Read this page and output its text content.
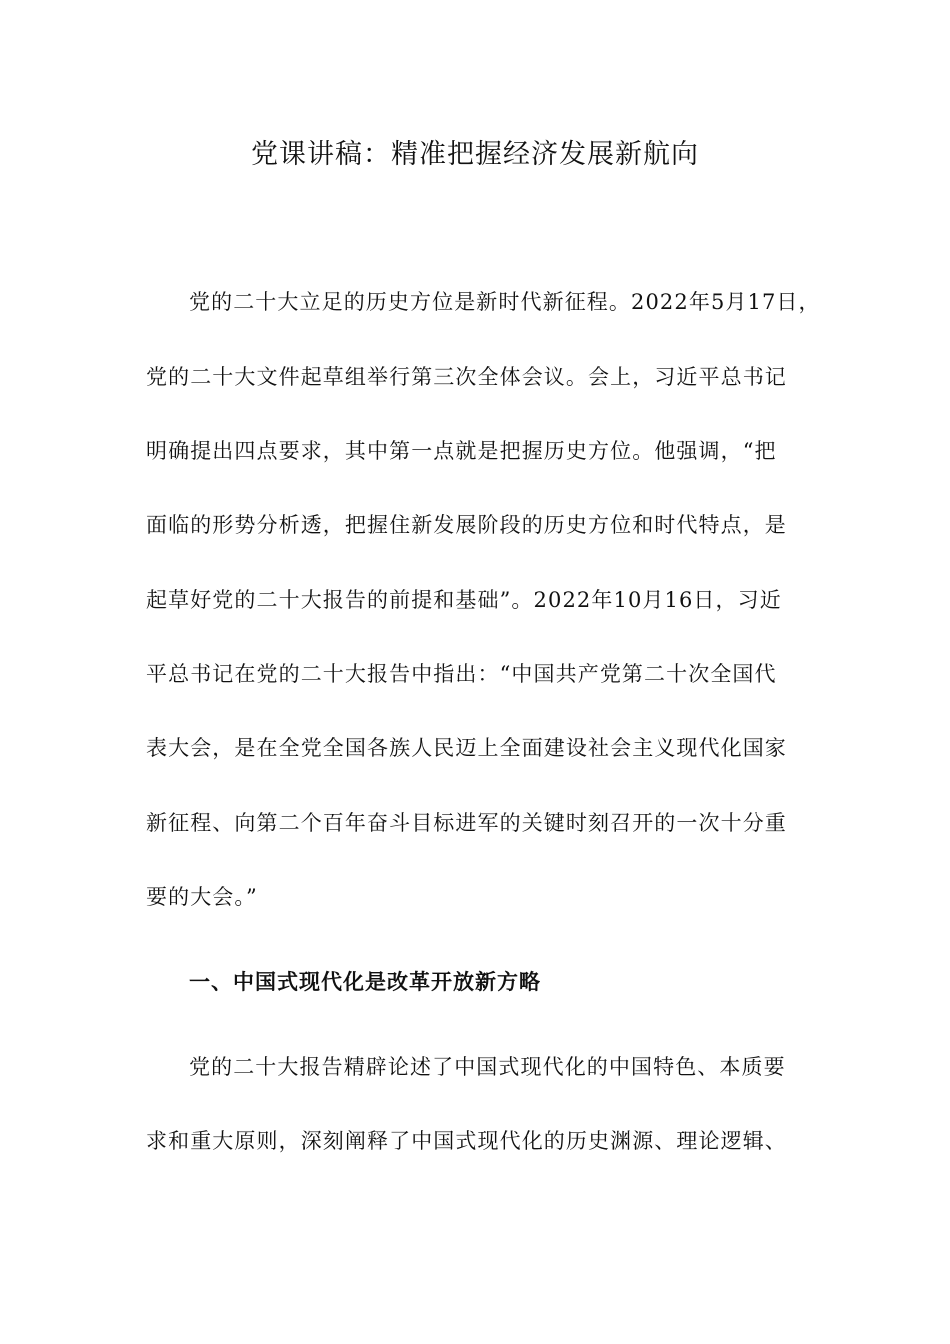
党课讲稿：精准把握经济发展新航向

党的二十大立足的历史方位是新时代新征程。2022年5月17日，

党的二十大文件起草组举行第三次全体会议。会上，习近平总书记

明确提出四点要求，其中第一点就是把握历史方位。他强调，“把

面临的形势分析透，把握住新发展阶段的历史方位和时代特点，是

起草好党的二十大报告的前提和基础”。2022年10月16日，习近

平总书记在党的二十大报告中指出：“中国共产党第二十次全国代

表大会，是在全党全国各族人民迈上全面建设社会主义现代化国家

新征程、向第二个百年奋斗目标进军的关键时刻召开的一次十分重

要的大会。”

一、中国式现代化是改革开放新方略

党的二十大报告精辟论述了中国式现代化的中国特色、本质要

求和重大原则，深刻阐释了中国式现代化的历史渊源、理论逻辑、
